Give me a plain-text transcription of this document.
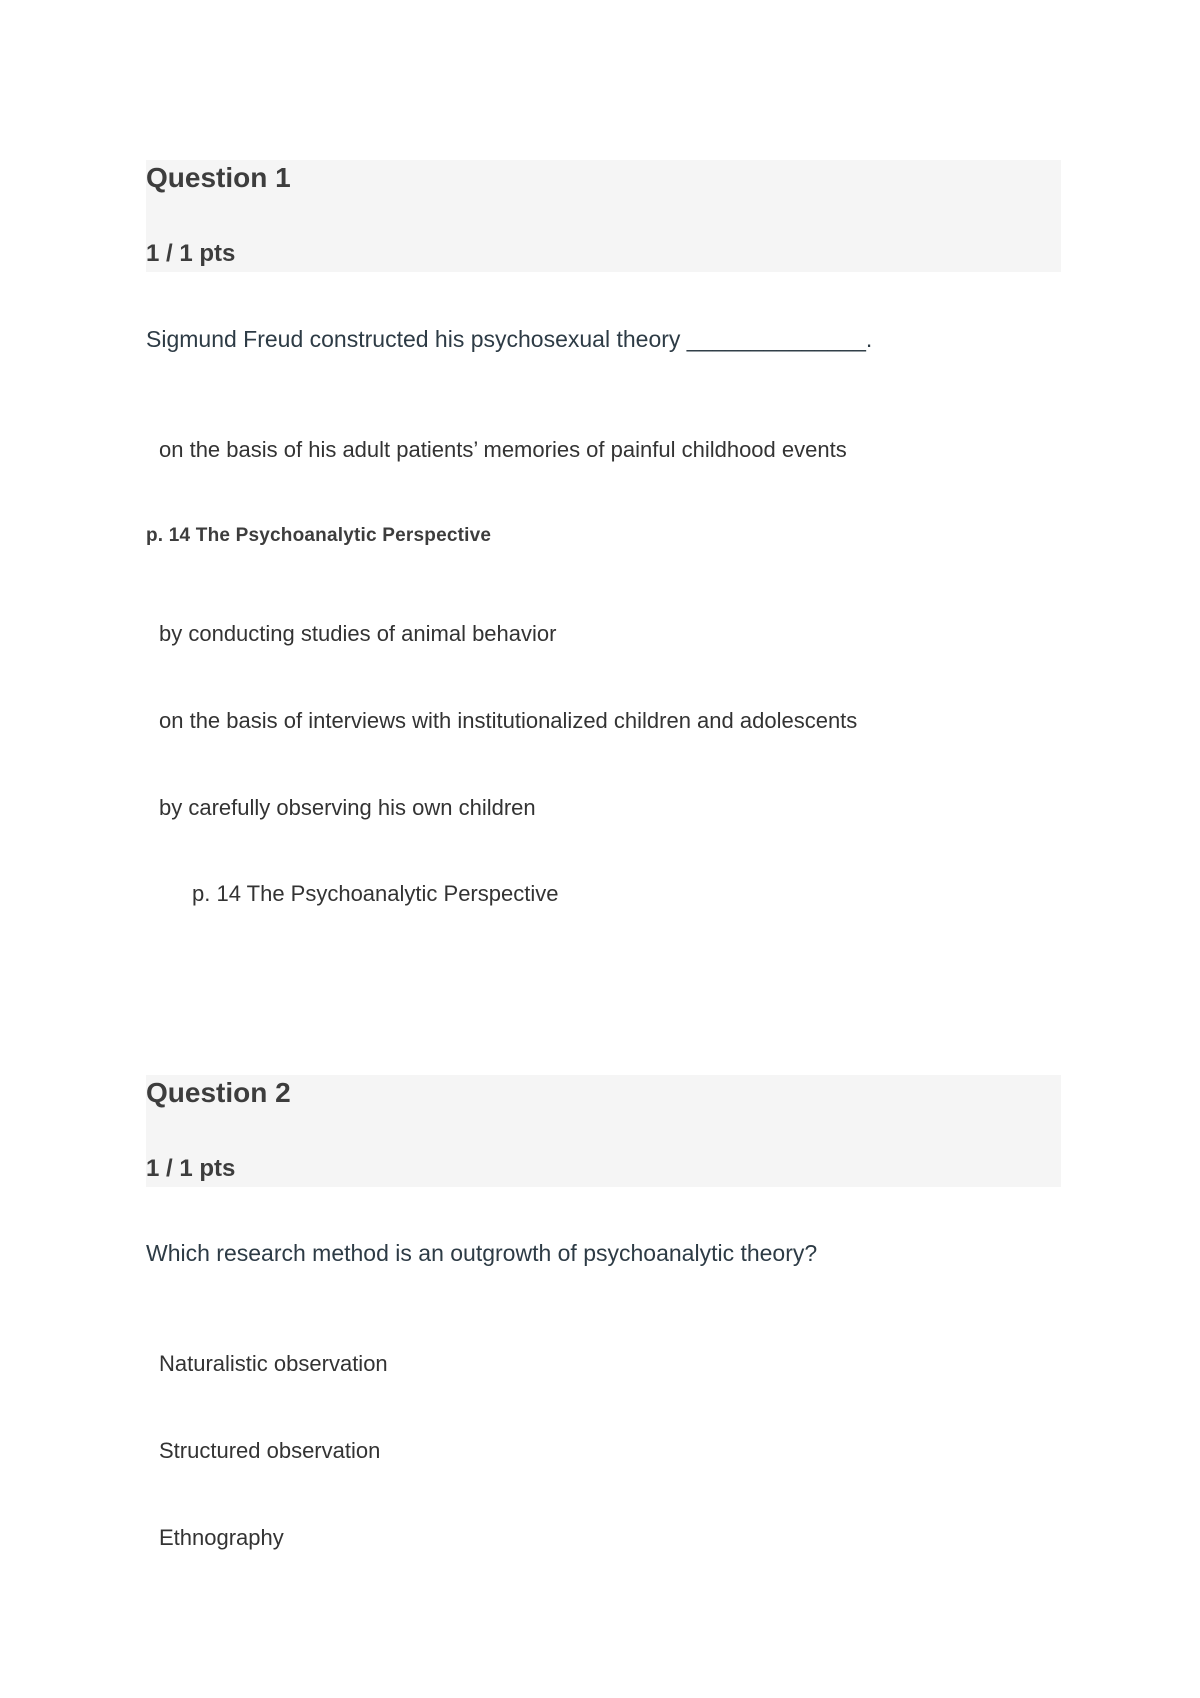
Question 1
1 / 1 pts
Sigmund Freud constructed his psychosexual theory ______________.
on the basis of his adult patients’ memories of painful childhood events
p. 14 The Psychoanalytic Perspective
by conducting studies of animal behavior
on the basis of interviews with institutionalized children and adolescents
by carefully observing his own children
p. 14 The Psychoanalytic Perspective
Question 2
1 / 1 pts
Which research method is an outgrowth of psychoanalytic theory?
Naturalistic observation
Structured observation
Ethnography
